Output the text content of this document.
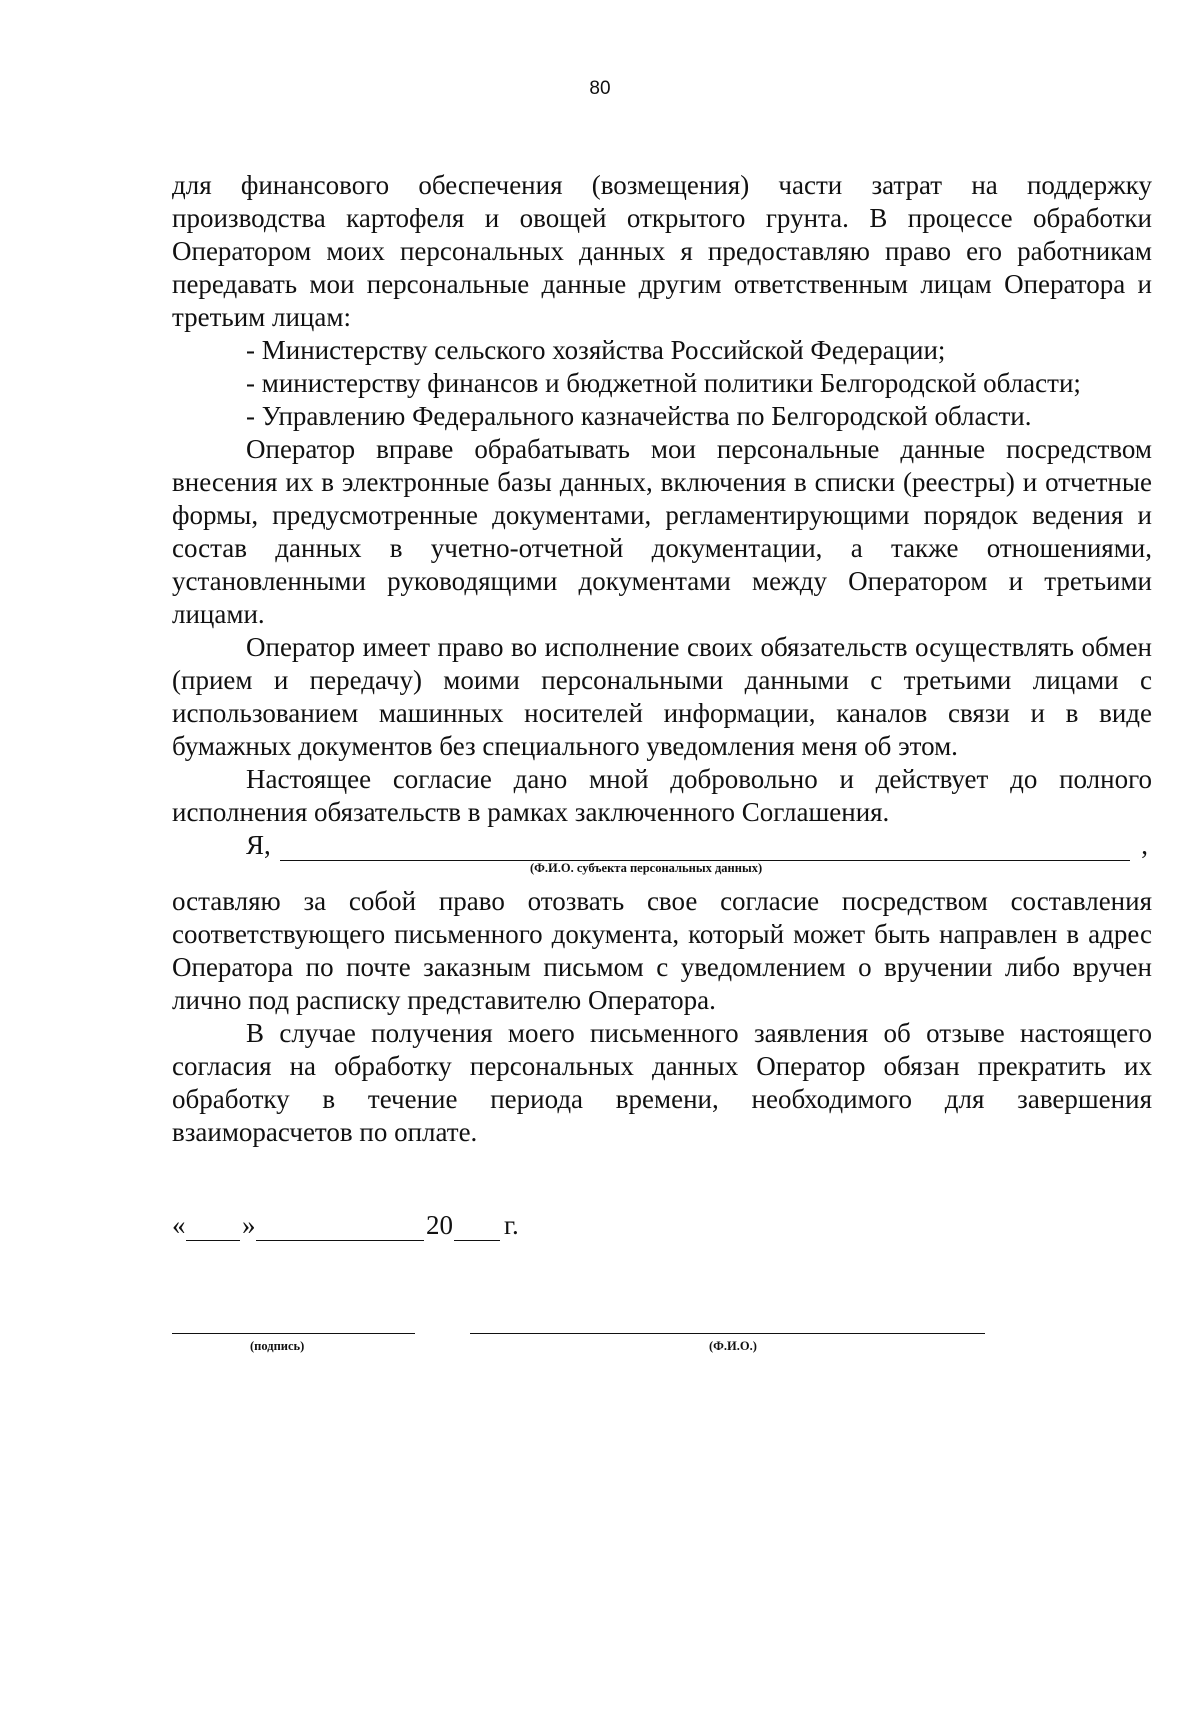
80

для финансового обеспечения (возмещения) части затрат на поддержку производства картофеля и овощей открытого грунта. В процессе обработки Оператором моих персональных данных я предоставляю право его работникам передавать мои персональные данные другим ответственным лицам Оператора и третьим лицам:

- Министерству сельского хозяйства Российской Федерации;
- министерству финансов и бюджетной политики Белгородской области;
- Управлению Федерального казначейства по Белгородской области.

Оператор вправе обрабатывать мои персональные данные посредством внесения их в электронные базы данных, включения в списки (реестры) и отчетные формы, предусмотренные документами, регламентирующими порядок ведения и состав данных в учетно-отчетной документации, а также отношениями, установленными руководящими документами между Оператором и третьими лицами.

Оператор имеет право во исполнение своих обязательств осуществлять обмен (прием и передачу) моими персональными данными с третьими лицами с использованием машинных носителей информации, каналов связи и в виде бумажных документов без специального уведомления меня об этом.

Настоящее согласие дано мной добровольно и действует до полного исполнения обязательств в рамках заключенного Соглашения.

Я,	,
(Ф.И.О. субъекта персональных данных)

оставляю за собой право отозвать свое согласие посредством составления соответствующего письменного документа, который может быть направлен в адрес Оператора по почте заказным письмом с уведомлением о вручении либо вручен лично под расписку представителю Оператора.

В случае получения моего письменного заявления об отзыве настоящего согласия на обработку персональных данных Оператор обязан прекратить их обработку в течение периода времени, необходимого для завершения взаиморасчетов по оплате.

« »	20 г.
(подпись)	(Ф.И.О.)
